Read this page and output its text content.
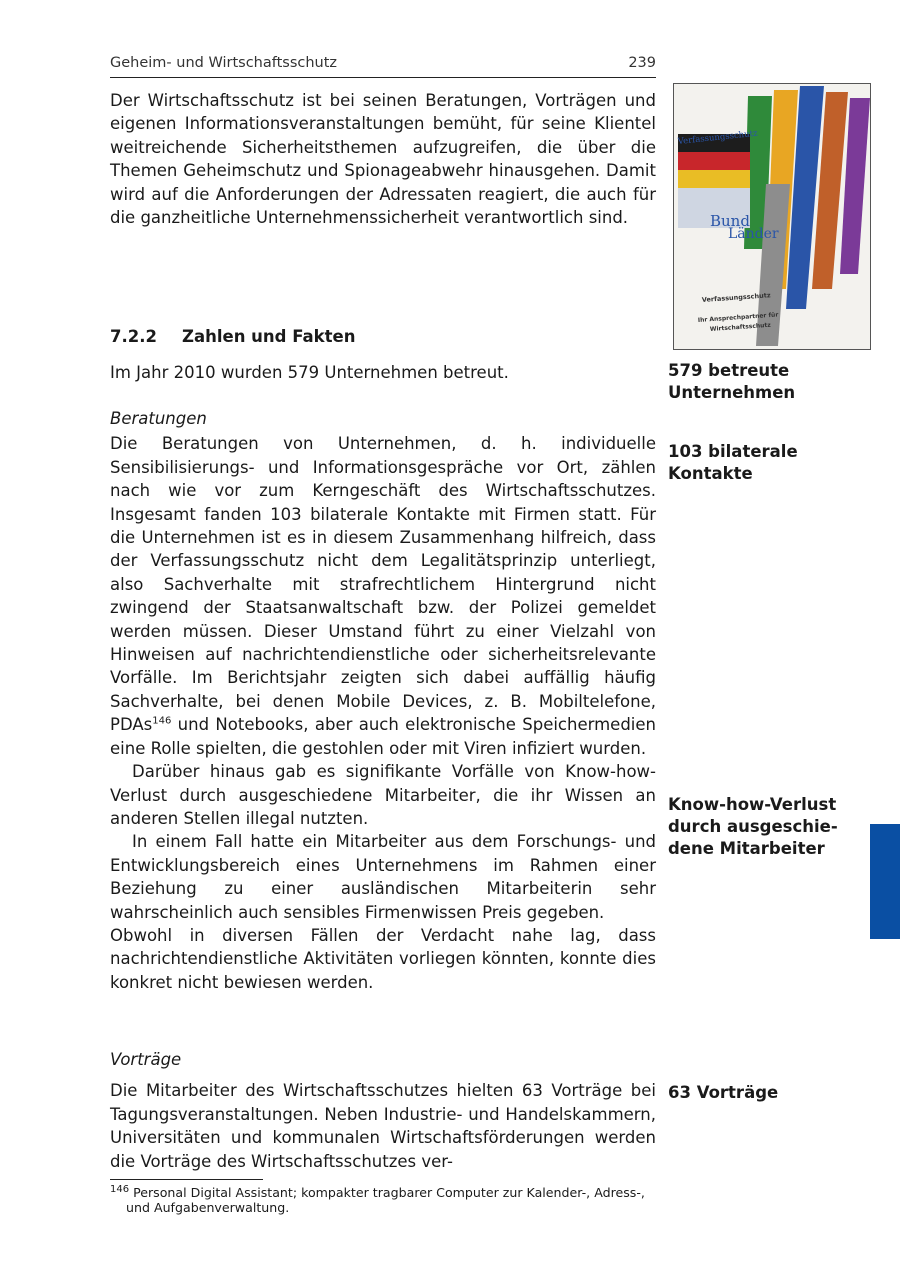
Geheim- und Wirtschaftsschutz	239

Der Wirtschaftsschutz ist bei seinen Beratungen, Vorträgen und eigenen Informationsveranstaltungen bemüht, für seine Klientel weitreichende Sicherheitsthemen aufzugreifen, die über die Themen Geheimschutz und Spionageabwehr hinausgehen. Damit wird auf die Anforderungen der Adressaten reagiert, die auch für die ganzheitliche Unternehmenssicherheit verantwortlich sind.

7.2.2 Zahlen und Fakten

Im Jahr 2010 wurden 579 Unternehmen betreut.

Beratungen

Die Beratungen von Unternehmen, d. h. individuelle Sensibilisierungs- und Informationsgespräche vor Ort, zählen nach wie vor zum Kerngeschäft des Wirtschaftsschutzes. Insgesamt fanden 103 bilaterale Kontakte mit Firmen statt. Für die Unternehmen ist es in diesem Zusammenhang hilfreich, dass der Verfassungsschutz nicht dem Legalitätsprinzip unterliegt, also Sachverhalte mit strafrechtlichem Hintergrund nicht zwingend der Staatsanwaltschaft bzw. der Polizei gemeldet werden müssen. Dieser Umstand führt zu einer Vielzahl von Hinweisen auf nachrichtendienstliche oder sicherheitsrelevante Vorfälle. Im Berichtsjahr zeigten sich dabei auffällig häufig Sachverhalte, bei denen Mobile Devices, z. B. Mobiltelefone, PDAs$^{146}$ und Notebooks, aber auch elektronische Speichermedien eine Rolle spielten, die gestohlen oder mit Viren infiziert wurden.

Darüber hinaus gab es signifikante Vorfälle von Know-how-Verlust durch ausgeschiedene Mitarbeiter, die ihr Wissen an anderen Stellen illegal nutzten.

In einem Fall hatte ein Mitarbeiter aus dem Forschungs- und Entwicklungsbereich eines Unternehmens im Rahmen einer Beziehung zu einer ausländischen Mitarbeiterin sehr wahrscheinlich auch sensibles Firmenwissen Preis gegeben.

Obwohl in diversen Fällen der Verdacht nahe lag, dass nachrichtendienstliche Aktivitäten vorliegen könnten, konnte dies konkret nicht bewiesen werden.

Vorträge

Die Mitarbeiter des Wirtschaftsschutzes hielten 63 Vorträge bei Tagungsveranstaltungen. Neben Industrie- und Handelskammern, Universitäten und kommunalen Wirtschaftsförderungen werden die Vorträge des Wirtschaftsschutzes ver-

579 betreute Unternehmen
103 bilaterale Kontakte
Know-how-Verlust durch ausgeschiedene Mitarbeiter
63 Vorträge
Verfassungsschutz
Bund
Länder
Verfassungsschutz
Ihr Ansprechpartner für
Wirtschaftsschutz
$^{146}$ Personal Digital Assistant; kompakter tragbarer Computer zur Kalender-, Adress-,
und Aufgabenverwaltung.
